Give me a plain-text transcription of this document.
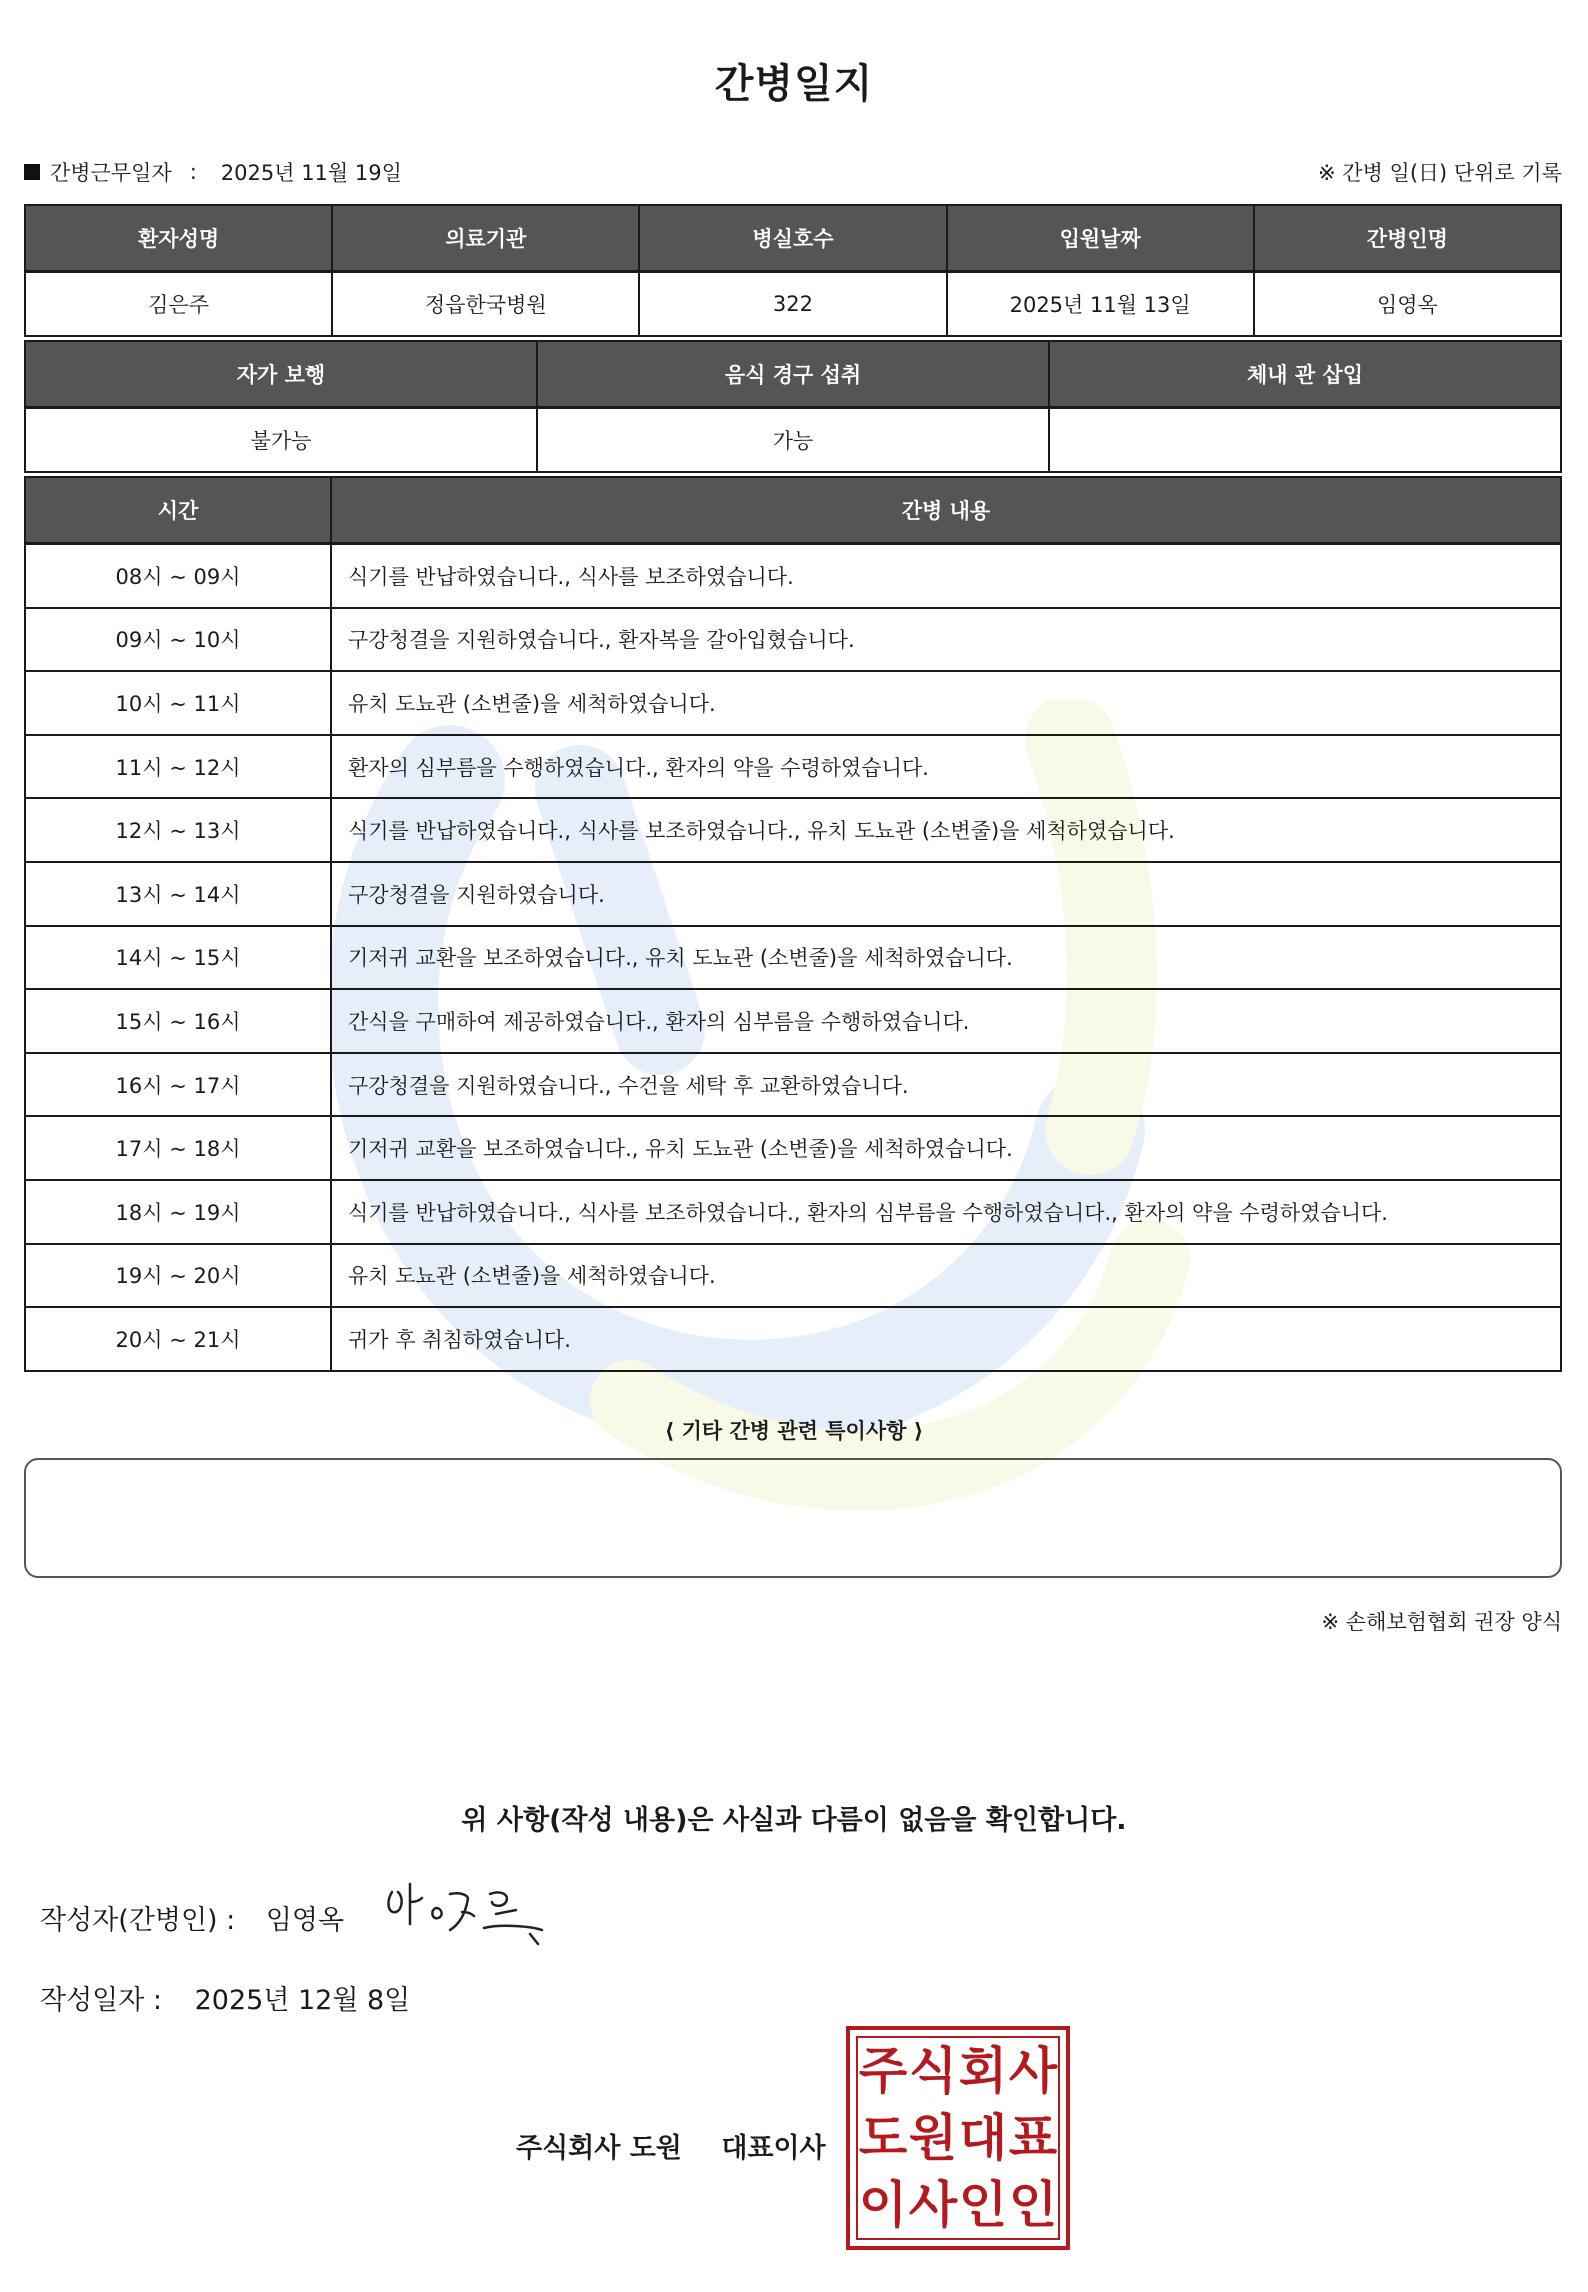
간병일지
간병근무일자 : 2025년 11월 19일	※ 간병 일(日) 단위로 기록
환자성명	의료기관	병실호수	입원날짜	간병인명
김은주	정읍한국병원	322	2025년 11월 13일	임영옥
자가 보행	음식 경구 섭취	체내 관 삽입
불가능	가능	
시간	간병 내용
08시 ~ 09시	식기를 반납하였습니다., 식사를 보조하였습니다.
09시 ~ 10시	구강청결을 지원하였습니다., 환자복을 갈아입혔습니다.
10시 ~ 11시	유치 도뇨관 (소변줄)을 세척하였습니다.
11시 ~ 12시	환자의 심부름을 수행하였습니다., 환자의 약을 수령하였습니다.
12시 ~ 13시	식기를 반납하였습니다., 식사를 보조하였습니다., 유치 도뇨관 (소변줄)을 세척하였습니다.
13시 ~ 14시	구강청결을 지원하였습니다.
14시 ~ 15시	기저귀 교환을 보조하였습니다., 유치 도뇨관 (소변줄)을 세척하였습니다.
15시 ~ 16시	간식을 구매하여 제공하였습니다., 환자의 심부름을 수행하였습니다.
16시 ~ 17시	구강청결을 지원하였습니다., 수건을 세탁 후 교환하였습니다.
17시 ~ 18시	기저귀 교환을 보조하였습니다., 유치 도뇨관 (소변줄)을 세척하였습니다.
18시 ~ 19시	식기를 반납하였습니다., 식사를 보조하였습니다., 환자의 심부름을 수행하였습니다., 환자의 약을 수령하였습니다.
19시 ~ 20시	유치 도뇨관 (소변줄)을 세척하였습니다.
20시 ~ 21시	귀가 후 취침하였습니다.
⟨ 기타 간병 관련 특이사항 ⟩
※ 손해보험협회 권장 양식
위 사항(작성 내용)은 사실과 다름이 없음을 확인합니다.
작성자(간병인) : 임영옥
작성일자 : 2025년 12월 8일
주식회사 도원 대표이사
주 식 회 사
도 원 대 표
이 사 인 인
